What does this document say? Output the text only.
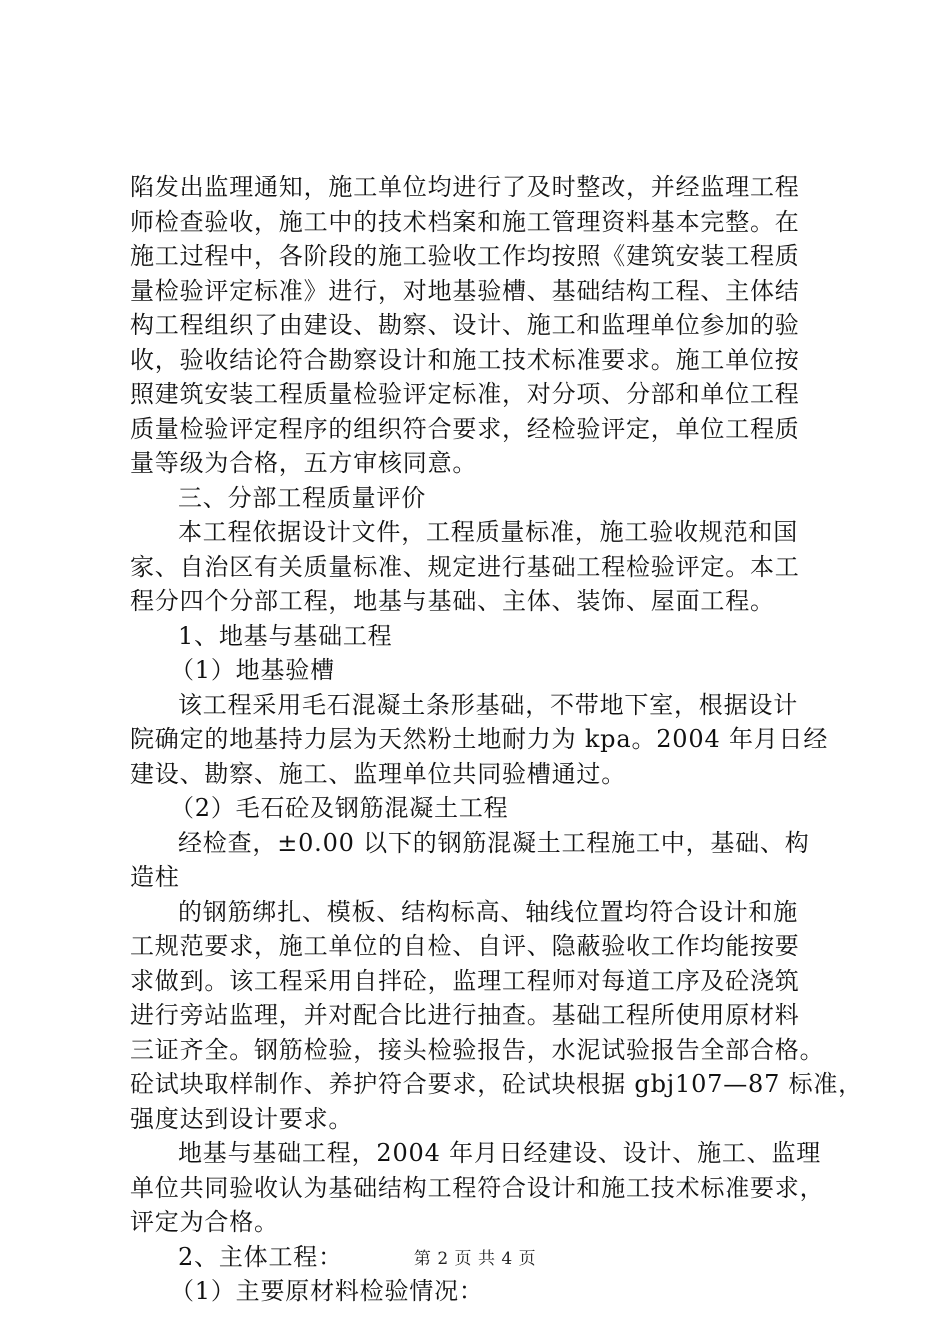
陷发出监理通知，施工单位均进行了及时整改，并经监理工程
师检查验收，施工中的技术档案和施工管理资料基本完整。在
施工过程中，各阶段的施工验收工作均按照《建筑安装工程质
量检验评定标准》进行，对地基验槽、基础结构工程、主体结
构工程组织了由建设、勘察、设计、施工和监理单位参加的验
收，验收结论符合勘察设计和施工技术标准要求。施工单位按
照建筑安装工程质量检验评定标准，对分项、分部和单位工程
质量检验评定程序的组织符合要求，经检验评定，单位工程质
量等级为合格，五方审核同意。
三、分部工程质量评价
本工程依据设计文件，工程质量标准，施工验收规范和国
家、自治区有关质量标准、规定进行基础工程检验评定。本工
程分四个分部工程，地基与基础、主体、装饰、屋面工程。
1、地基与基础工程
（1）地基验槽
该工程采用毛石混凝土条形基础，不带地下室，根据设计
院确定的地基持力层为天然粉土地耐力为 kpa。2004 年月日经
建设、勘察、施工、监理单位共同验槽通过。
（2）毛石砼及钢筋混凝土工程
经检查，±0.00 以下的钢筋混凝土工程施工中，基础、构
造柱
的钢筋绑扎、模板、结构标高、轴线位置均符合设计和施
工规范要求，施工单位的自检、自评、隐蔽验收工作均能按要
求做到。该工程采用自拌砼，监理工程师对每道工序及砼浇筑
进行旁站监理，并对配合比进行抽查。基础工程所使用原材料
三证齐全。钢筋检验，接头检验报告，水泥试验报告全部合格。
砼试块取样制作、养护符合要求，砼试块根据 gbj107—87 标准，
强度达到设计要求。
地基与基础工程，2004 年月日经建设、设计、施工、监理
单位共同验收认为基础结构工程符合设计和施工技术标准要求，
评定为合格。
2、主体工程：
（1）主要原材料检验情况：
第 2 页 共 4 页
